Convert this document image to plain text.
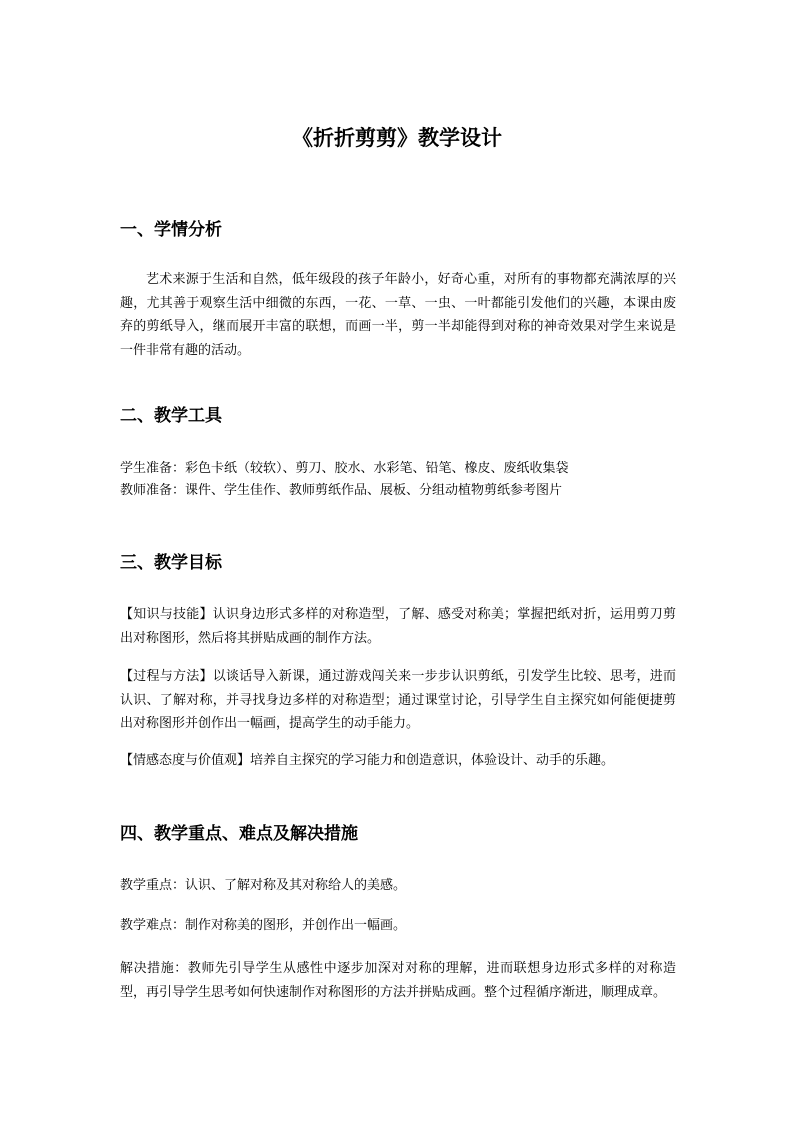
《折折剪剪》教学设计
一、学情分析

艺术来源于生活和自然，低年级段的孩子年龄小，好奇心重，对所有的事物都充满浓厚的兴趣，尤其善于观察生活中细微的东西，一花、一草、一虫、一叶都能引发他们的兴趣，本课由废弃的剪纸导入，继而展开丰富的联想，而画一半，剪一半却能得到对称的神奇效果对学生来说是一件非常有趣的活动。

二、教学工具

学生准备：彩色卡纸（较软）、剪刀、胶水、水彩笔、铅笔、橡皮、废纸收集袋

教师准备：课件、学生佳作、教师剪纸作品、展板、分组动植物剪纸参考图片

三、教学目标

【知识与技能】认识身边形式多样的对称造型，了解、感受对称美；掌握把纸对折，运用剪刀剪出对称图形，然后将其拼贴成画的制作方法。

【过程与方法】以谈话导入新课，通过游戏闯关来一步步认识剪纸，引发学生比较、思考，进而认识、了解对称，并寻找身边多样的对称造型；通过课堂讨论，引导学生自主探究如何能便捷剪出对称图形并创作出一幅画，提高学生的动手能力。

【情感态度与价值观】培养自主探究的学习能力和创造意识，体验设计、动手的乐趣。

四、教学重点、难点及解决措施

教学重点：认识、了解对称及其对称给人的美感。

教学难点：制作对称美的图形，并创作出一幅画。

解决措施：教师先引导学生从感性中逐步加深对对称的理解，进而联想身边形式多样的对称造型，再引导学生思考如何快速制作对称图形的方法并拼贴成画。整个过程循序渐进，顺理成章。
